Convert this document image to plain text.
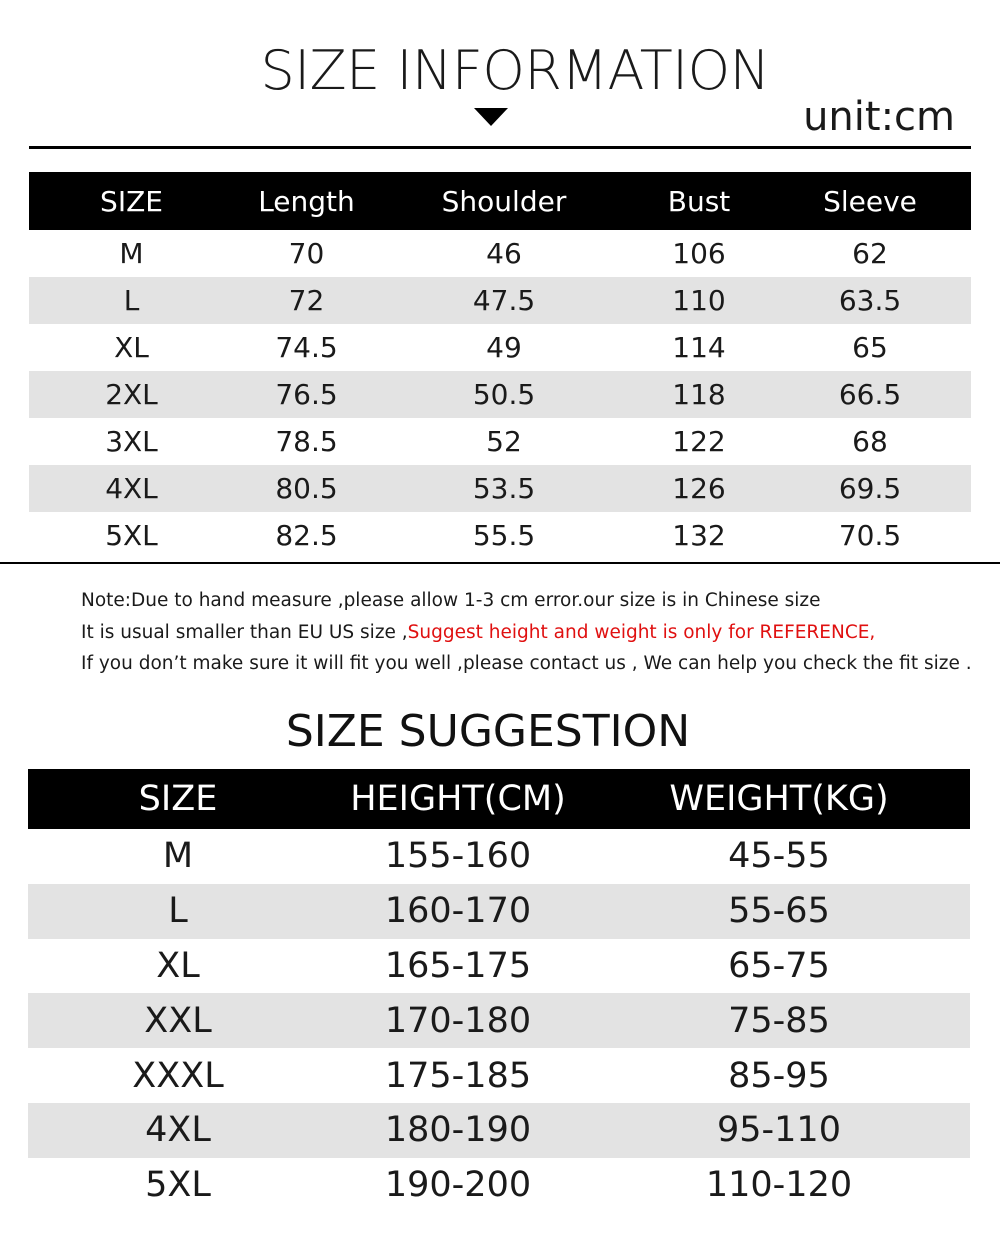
SIZE INFORMATION
unit:cm
SIZE	Length	Shoulder	Bust	Sleeve
M	70	46	106	62
L	72	47.5	110	63.5
XL	74.5	49	114	65
2XL	76.5	50.5	118	66.5
3XL	78.5	52	122	68
4XL	80.5	53.5	126	69.5
5XL	82.5	55.5	132	70.5
Note:Due to hand measure ,please allow 1-3 cm error.our size is in Chinese size
It is usual smaller than EU US size ,Suggest height and weight is only for REFERENCE,
If you don’t make sure it will fit you well ,please contact us , We can help you check the fit size .
SIZE SUGGESTION
SIZE	HEIGHT(CM)	WEIGHT(KG)
M	155-160	45-55
L	160-170	55-65
XL	165-175	65-75
XXL	170-180	75-85
XXXL	175-185	85-95
4XL	180-190	95-110
5XL	190-200	110-120
